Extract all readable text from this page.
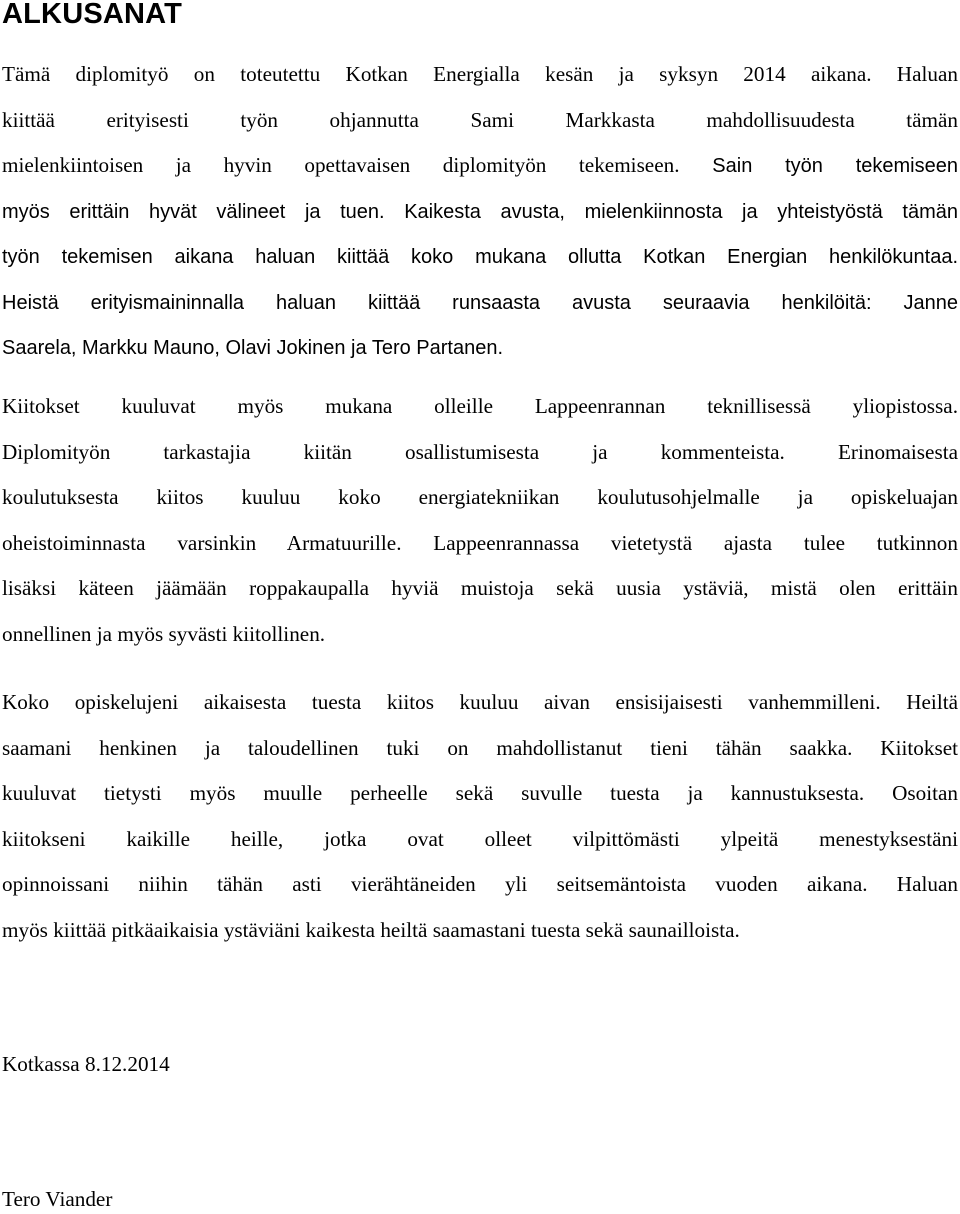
ALKUSANAT
Tämä diplomityö on toteutettu Kotkan Energialla kesän ja syksyn 2014 aikana. Haluan
kiittää erityisesti työn ohjannutta Sami Markkasta mahdollisuudesta tämän
mielenkiintoisen ja hyvin opettavaisen diplomityön tekemiseen. Sain työn tekemiseen
myös erittäin hyvät välineet ja tuen. Kaikesta avusta, mielenkiinnosta ja yhteistyöstä tämän
työn tekemisen aikana haluan kiittää koko mukana ollutta Kotkan Energian henkilökuntaa.
Heistä erityismaininnalla haluan kiittää runsaasta avusta seuraavia henkilöitä: Janne
Saarela, Markku Mauno, Olavi Jokinen ja Tero Partanen.
Kiitokset kuuluvat myös mukana olleille Lappeenrannan teknillisessä yliopistossa.
Diplomityön tarkastajia kiitän osallistumisesta ja kommenteista. Erinomaisesta
koulutuksesta kiitos kuuluu koko energiatekniikan koulutusohjelmalle ja opiskeluajan
oheistoiminnasta varsinkin Armatuurille. Lappeenrannassa vietetystä ajasta tulee tutkinnon
lisäksi käteen jäämään roppakaupalla hyviä muistoja sekä uusia ystäviä, mistä olen erittäin
onnellinen ja myös syvästi kiitollinen.
Koko opiskelujeni aikaisesta tuesta kiitos kuuluu aivan ensisijaisesti vanhemmilleni. Heiltä
saamani henkinen ja taloudellinen tuki on mahdollistanut tieni tähän saakka. Kiitokset
kuuluvat tietysti myös muulle perheelle sekä suvulle tuesta ja kannustuksesta. Osoitan
kiitokseni kaikille heille, jotka ovat olleet vilpittömästi ylpeitä menestyksestäni
opinnoissani niihin tähän asti vierähtäneiden yli seitsemäntoista vuoden aikana. Haluan
myös kiittää pitkäaikaisia ystäviäni kaikesta heiltä saamastani tuesta sekä saunailloista.

Kotkassa 8.12.2014

Tero Viander
